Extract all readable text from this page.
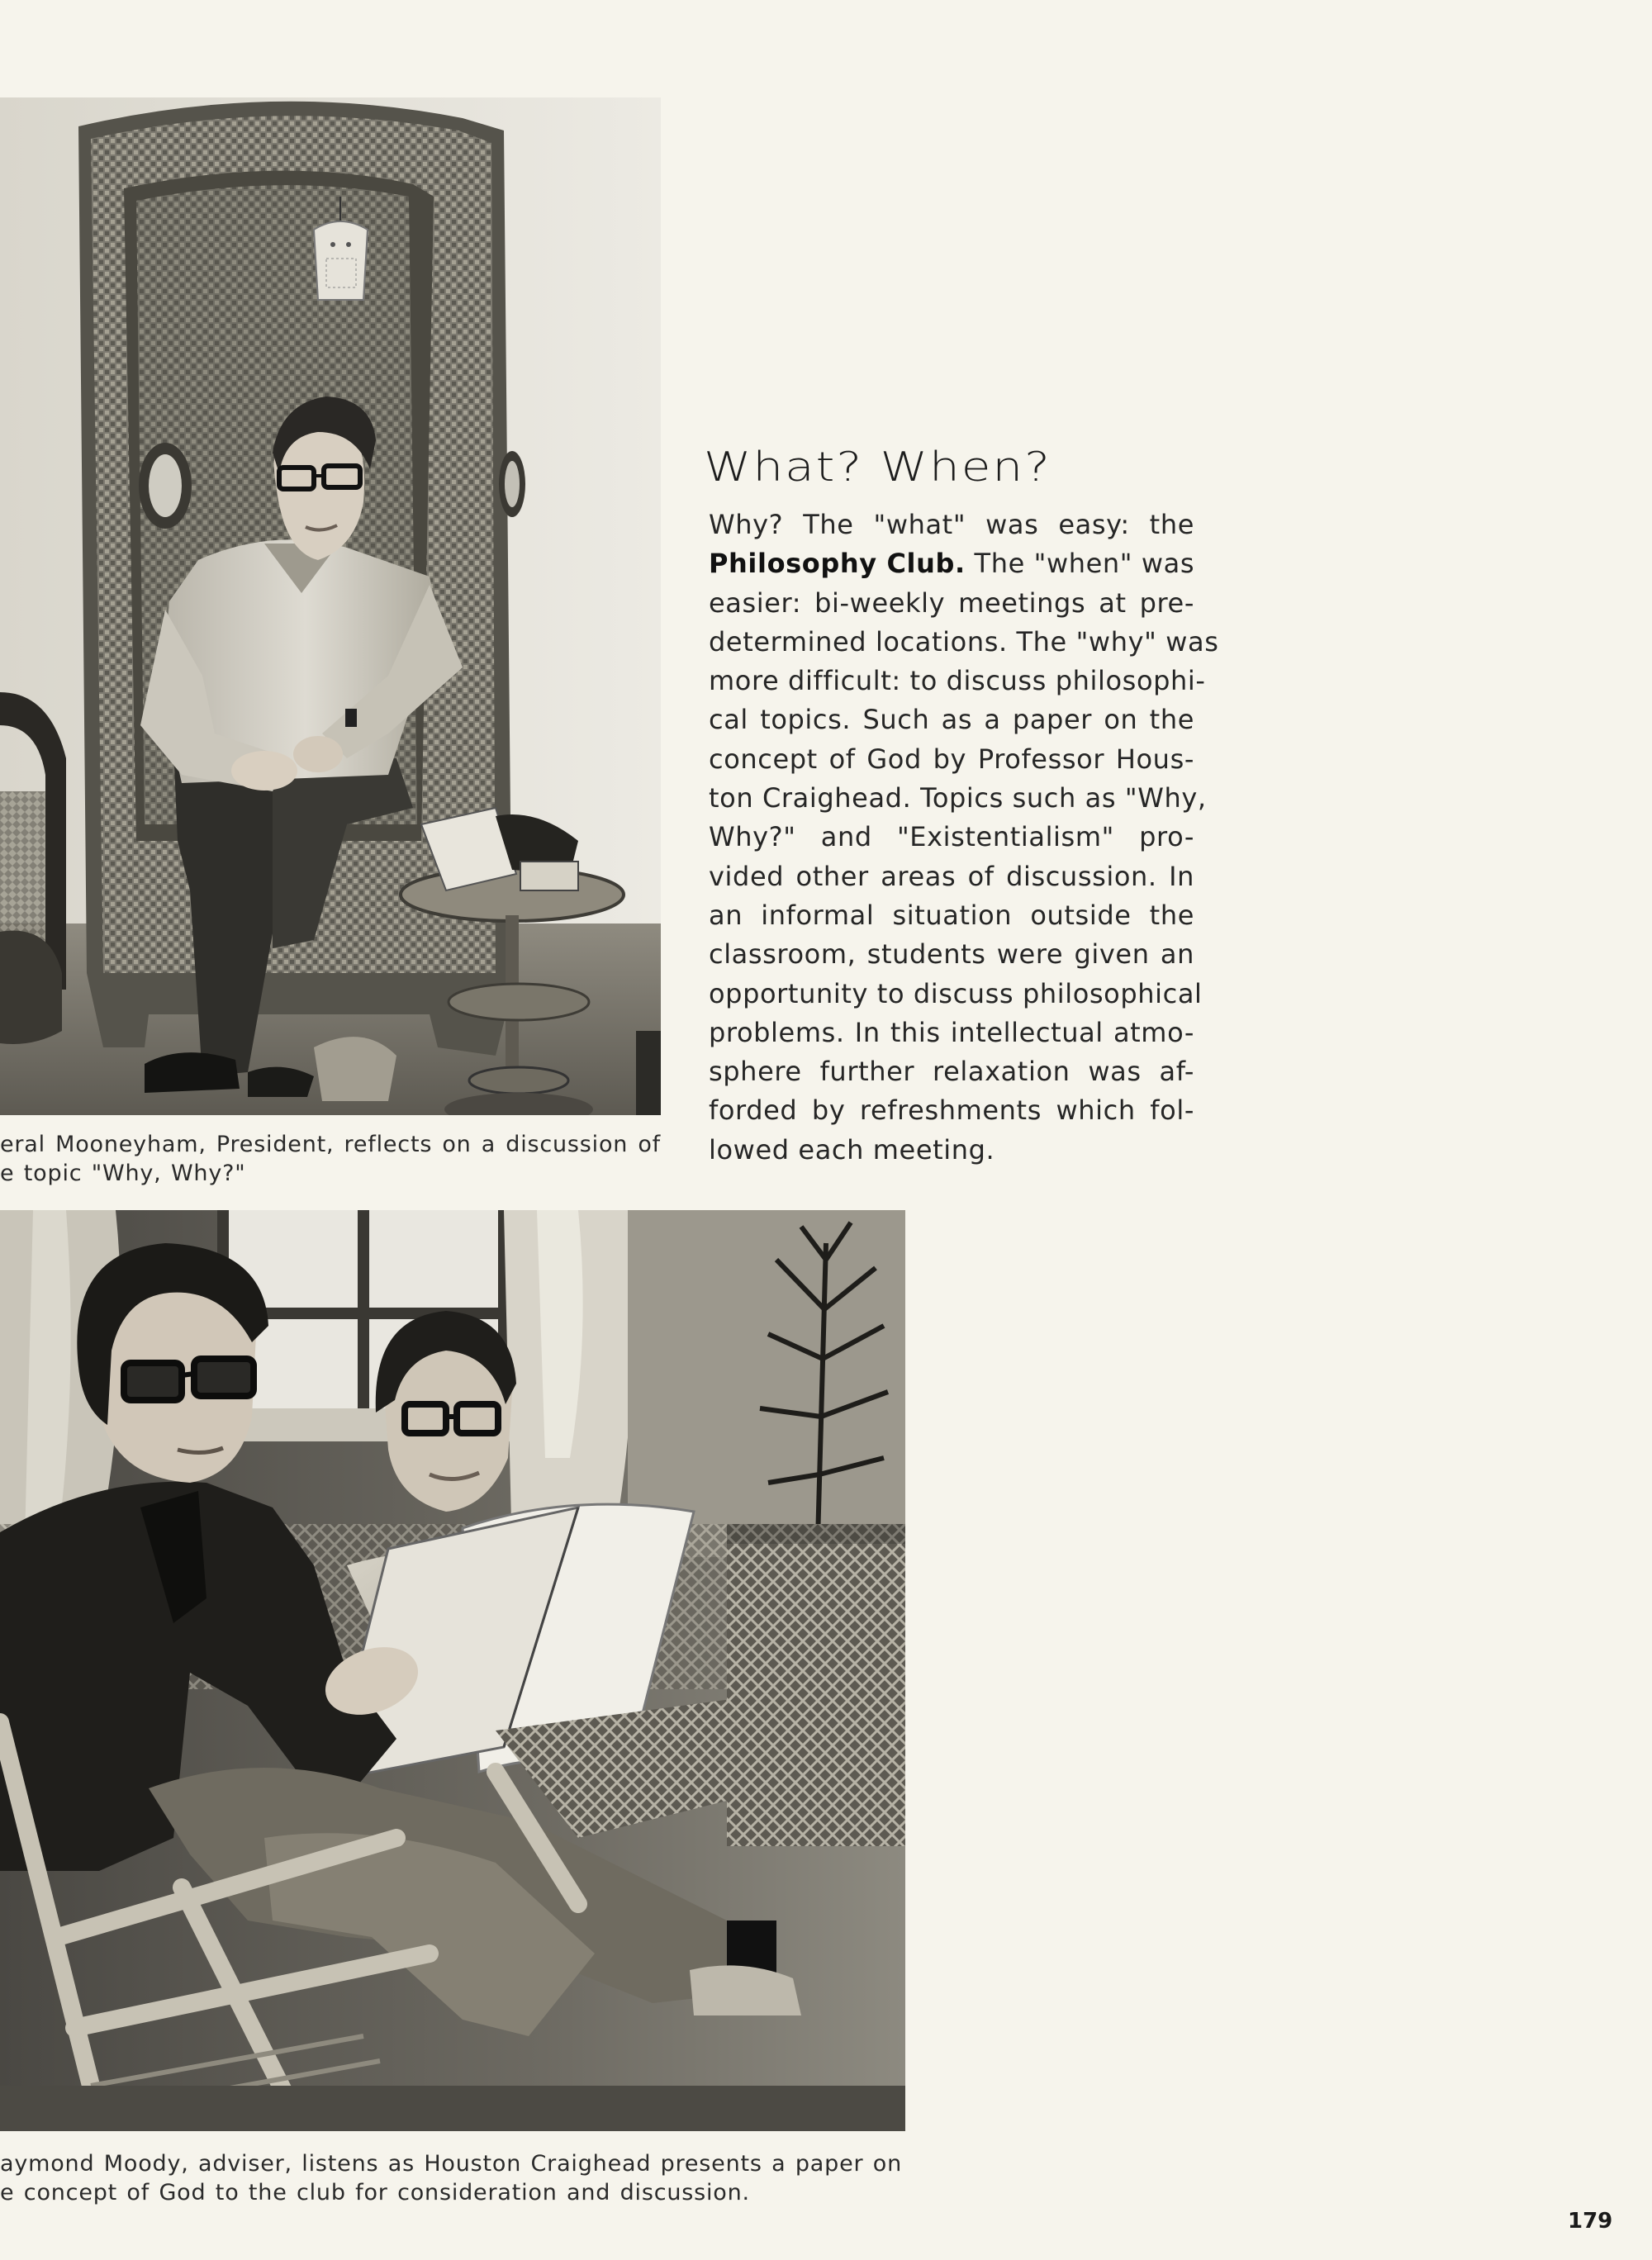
eral Mooneyham, President, reflects on a discussion of
e topic "Why, Why?"
aymond Moody, adviser, listens as Houston Craighead presents a paper on
e concept of God to the club for consideration and discussion.
What? When?
Why? The "what" was easy: the
Philosophy Club. The "when" was
easier: bi-weekly meetings at pre-
determined locations. The "why" was
more difficult: to discuss philosophi-
cal topics. Such as a paper on the
concept of God by Professor Hous-
ton Craighead. Topics such as "Why,
Why?" and "Existentialism" pro-
vided other areas of discussion. In
an informal situation outside the
classroom, students were given an
opportunity to discuss philosophical
problems. In this intellectual atmo-
sphere further relaxation was af-
forded by refreshments which fol-
lowed each meeting.
179
